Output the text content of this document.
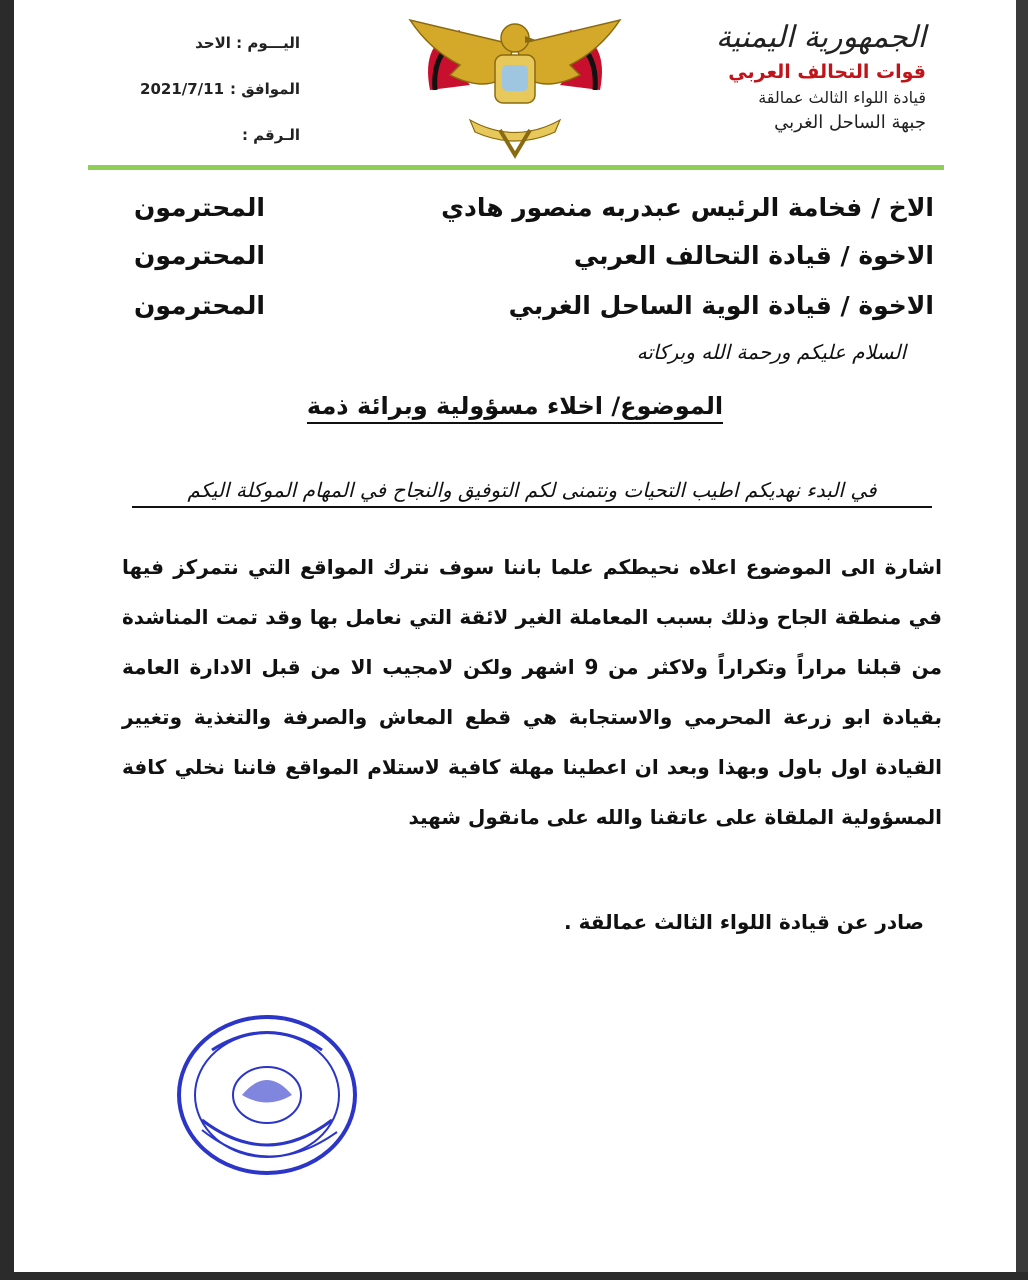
الجمهورية اليمنية
قوات التحالف العربي
قيادة اللواء الثالث عمالقة
جبهة الساحل الغربي
اليـــوم : الاحد
الموافق :
2021/7/11
الـرقم :
المحترمون	الاخ / فخامة الرئيس عبدربه منصور هادي
المحترمون	الاخوة / قيادة التحالف العربي
المحترمون	الاخوة / قيادة الوية الساحل الغربي
السلام عليكم ورحمة الله وبركاته
الموضوع/ اخلاء مسؤولية وبرائة ذمة
في البدء نهديكم اطيب التحيات ونتمنى لكم التوفيق والنجاح في المهام الموكلة اليكم
اشارة الى الموضوع اعلاه نحيطكم علما باننا سوف نترك المواقع التي نتمركز فيها في منطقة الجاح وذلك بسبب المعاملة الغير لائقة التي نعامل بها وقد تمت المناشدة من قبلنا مراراً وتكراراً ولاكثر من 9 اشهر ولكن لامجيب الا من قبل الادارة العامة بقيادة ابو زرعة المحرمي والاستجابة هي قطع المعاش والصرفة والتغذية وتغيير القيادة اول باول وبهذا وبعد ان اعطينا مهلة كافية لاستلام المواقع فاننا نخلي كافة المسؤولية الملقاة على عاتقنا والله على مانقول شهيد
صادر عن قيادة اللواء الثالث عمالقة .
